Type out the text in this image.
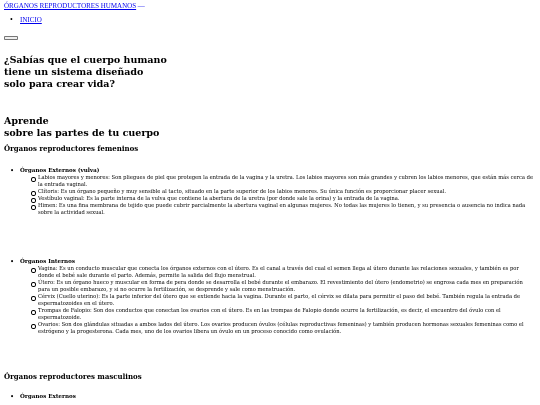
ÓRGANOS REPRODUCTORES HUMANOS —
• INICIO
¿Sabías que el cuerpo humano
tiene un sistema diseñado
solo para crear vida?
Aprende
sobre las partes de tu cuerpo
Órganos reproductores femeninos
• Órganos Externos (vulva)
Labios mayores y menores: Son pliegues de piel que protegen la entrada de la vagina y la uretra. Los labios mayores son más grandes y cubren los labios menores, que están más cerca de la entrada vaginal.
Clítoris: Es un órgano pequeño y muy sensible al tacto, situado en la parte superior de los labios menores. Su única función es proporcionar placer sexual.
Vestíbulo vaginal: Es la parte interna de la vulva que contiene la abertura de la uretra (por donde sale la orina) y la entrada de la vagina.
Himen: Es una fina membrana de tejido que puede cubrir parcialmente la abertura vaginal en algunas mujeres. No todas las mujeres lo tienen, y su presencia o ausencia no indica nada sobre la actividad sexual.
• Órganos Internos
Vagina: Es un conducto muscular que conecta los órganos externos con el útero. Es el canal a través del cual el semen llega al útero durante las relaciones sexuales, y también es por donde el bebé sale durante el parto. Además, permite la salida del flujo menstrual.
Útero: Es un órgano hueco y muscular en forma de pera donde se desarrolla el bebé durante el embarazo. El revestimiento del útero (endometrio) se engrosa cada mes en preparación para un posible embarazo, y si no ocurre la fertilización, se desprende y sale como menstruación.
Cérvix (Cuello uterino): Es la parte inferior del útero que se extiende hacia la vagina. Durante el parto, el cérvix se dilata para permitir el paso del bebé. También regula la entrada de espermatozoides en el útero.
Trompas de Falopio: Son dos conductos que conectan los ovarios con el útero. Es en las trompas de Falopio donde ocurre la fertilización, es decir, el encuentro del óvulo con el espermatozoide.
Ovarios: Son dos glándulas situadas a ambos lados del útero. Los ovarios producen óvulos (células reproductivas femeninas) y también producen hormonas sexuales femeninas como el estrógeno y la progesterona. Cada mes, uno de los ovarios libera un óvulo en un proceso conocido como ovulación.
Órganos reproductores masculinos
• Órganos Externos
